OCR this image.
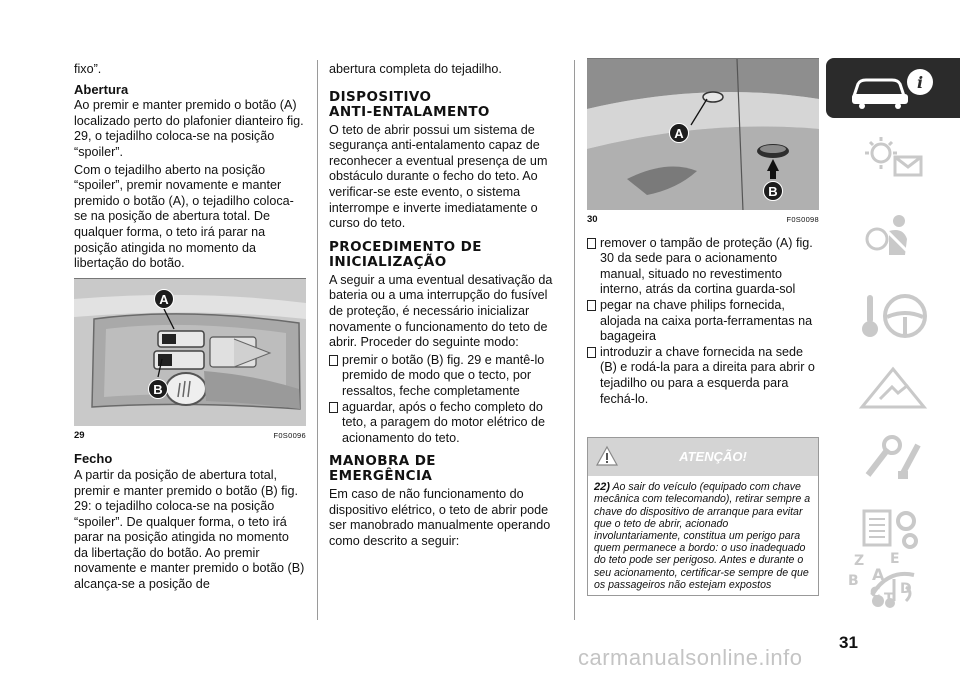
fixo”.

Abertura

Ao premir e manter premido o botão (A) localizado perto do plafonier dianteiro fig. 29, o tejadilho coloca-se na posição “spoiler”.

Com o tejadilho aberto na posição “spoiler”, premir novamente e manter premido o botão (A), o tejadilho coloca-se na posição de abertura total. De qualquer forma, o teto irá parar na posição atingida no momento da libertação do botão.

A
B
29	F0S0096
Fecho

A partir da posição de abertura total, premir e manter premido o botão (B) fig. 29: o tejadilho coloca-se na posição “spoiler”. De qualquer forma, o teto irá parar na posição atingida no momento da libertação do botão. Ao premir novamente e manter premido o botão (B) alcança-se a posição de

abertura completa do tejadilho.

DISPOSITIVO
ANTI-ENTALAMENTO

O teto de abrir possui um sistema de segurança anti-entalamento capaz de reconhecer a eventual presença de um obstáculo durante o fecho do teto. Ao verificar-se este evento, o sistema interrompe e inverte imediatamente o curso do teto.

PROCEDIMENTO DE
INICIALIZAÇÃO

A seguir a uma eventual desativação da bateria ou a uma interrupção do fusível de proteção, é necessário inicializar novamente o funcionamento do teto de abrir. Proceder do seguinte modo:

premir o botão (B) fig. 29 e mantê-lo premido de modo que o tecto, por ressaltos, feche completamente
aguardar, após o fecho completo do teto, a paragem do motor elétrico de acionamento do teto.
MANOBRA DE
EMERGÊNCIA

Em caso de não funcionamento do dispositivo elétrico, o teto de abrir pode ser manobrado manualmente operando como descrito a seguir:

A
B
30	F0S0098
remover o tampão de proteção (A) fig. 30 da sede para o acionamento manual, situado no revestimento interno, atrás da cortina guarda-sol
pegar na chave philips fornecida, alojada na caixa porta-ferramentas na bagageira
introduzir a chave fornecida na sede (B) e rodá-la para a direita para abrir o tejadilho ou para a esquerda para fechá-lo.
ATENÇÃO!
22) Ao sair do veículo (equipado com chave mecânica com telecomando), retirar sempre a chave do dispositivo de arranque para evitar que o teto de abrir, acionado involuntariamente, constitua um perigo para quem permanece a bordo: o uso inadequado do teto pode ser perigoso. Antes e durante o seu acionamento, certificar-se sempre de que os passageiros não estejam expostos
i
Z E
A
B
C T
D
31
carmanualsonline.info
